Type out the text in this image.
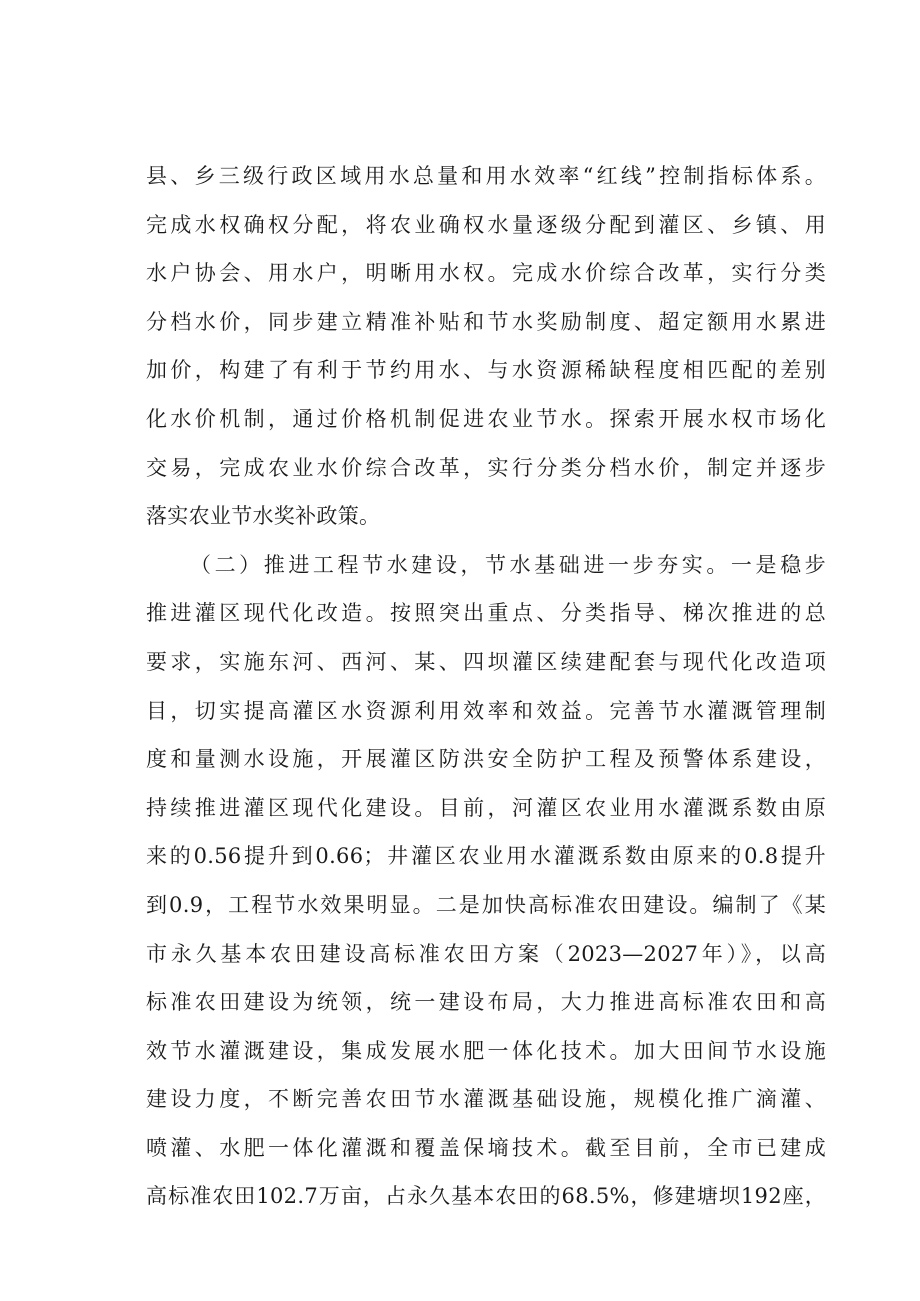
县、乡三级行政区域用水总量和用水效率“红线”控制指标体系。
完成水权确权分配，将农业确权水量逐级分配到灌区、乡镇、用
水户协会、用水户，明晰用水权。完成水价综合改革，实行分类
分档水价，同步建立精准补贴和节水奖励制度、超定额用水累进
加价，构建了有利于节约用水、与水资源稀缺程度相匹配的差别
化水价机制，通过价格机制促进农业节水。探索开展水权市场化
交易，完成农业水价综合改革，实行分类分档水价，制定并逐步
落实农业节水奖补政策。
（二）推进工程节水建设，节水基础进一步夯实。一是稳步
推进灌区现代化改造。按照突出重点、分类指导、梯次推进的总
要求，实施东河、西河、某、四坝灌区续建配套与现代化改造项
目，切实提高灌区水资源利用效率和效益。完善节水灌溉管理制
度和量测水设施，开展灌区防洪安全防护工程及预警体系建设，
持续推进灌区现代化建设。目前，河灌区农业用水灌溉系数由原
来的0.56提升到0.66；井灌区农业用水灌溉系数由原来的0.8提升
到0.9，工程节水效果明显。二是加快高标准农田建设。编制了《某
市永久基本农田建设高标准农田方案（2023—2027年）》，以高
标准农田建设为统领，统一建设布局，大力推进高标准农田和高
效节水灌溉建设，集成发展水肥一体化技术。加大田间节水设施
建设力度，不断完善农田节水灌溉基础设施，规模化推广滴灌、
喷灌、水肥一体化灌溉和覆盖保墒技术。截至目前，全市已建成
高标准农田102.7万亩，占永久基本农田的68.5%，修建塘坝192座，
